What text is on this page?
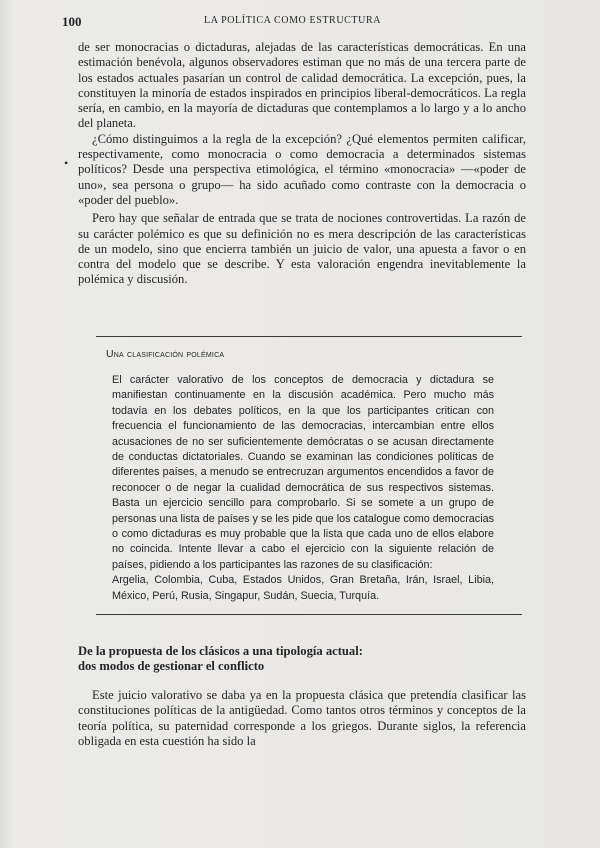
100	LA POLÍTICA COMO ESTRUCTURA

de ser monocracias o dictaduras, alejadas de las características democráticas. En una estimación benévola, algunos observadores estiman que no más de una tercera parte de los estados actuales pasarían un control de calidad democrática. La excepción, pues, la constituyen la minoría de estados inspirados en principios liberal-democráticos. La regla sería, en cambio, en la mayoría de dictaduras que contemplamos a lo largo y a lo ancho del planeta.

¿Cómo distinguimos a la regla de la excepción? ¿Qué elementos permiten calificar, respectivamente, como monocracia o como democracia a determinados sistemas políticos? Desde una perspectiva etimológica, el término «monocracia» —«poder de uno», sea persona o grupo— ha sido acuñado como contraste con la democracia o «poder del pueblo».

Pero hay que señalar de entrada que se trata de nociones controvertidas. La razón de su carácter polémico es que su definición no es mera descripción de las características de un modelo, sino que encierra también un juicio de valor, una apuesta a favor o en contra del modelo que se describe. Y esta valoración engendra inevitablemente la polémica y discusión.

•
Una clasificación polémica

El carácter valorativo de los conceptos de democracia y dictadura se manifiestan continuamente en la discusión académica. Pero mucho más todavía en los debates políticos, en la que los participantes critican con frecuencia el funcionamiento de las democracias, intercambian entre ellos acusaciones de no ser suficientemente demócratas o se acusan directamente de conductas dictatoriales. Cuando se examinan las condiciones políticas de diferentes países, a menudo se entrecruzan argumentos encendidos a favor de reconocer o de negar la cualidad democrática de sus respectivos sistemas. Basta un ejercicio sencillo para comprobarlo. Si se somete a un grupo de personas una lista de países y se les pide que los catalogue como democracias o como dictaduras es muy probable que la lista que cada uno de ellos elabore no coincida. Intente llevar a cabo el ejercicio con la siguiente relación de países, pidiendo a los participantes las razones de su clasificación:

Argelia, Colombia, Cuba, Estados Unidos, Gran Bretaña, Irán, Israel, Libia, México, Perú, Rusia, Singapur, Sudán, Suecia, Turquía.

De la propuesta de los clásicos a una tipología actual:
dos modos de gestionar el conflicto

Este juicio valorativo se daba ya en la propuesta clásica que pretendía clasificar las constituciones políticas de la antigüedad. Como tantos otros términos y conceptos de la teoría política, su paternidad corresponde a los griegos. Durante siglos, la referencia obligada en esta cuestión ha sido la
